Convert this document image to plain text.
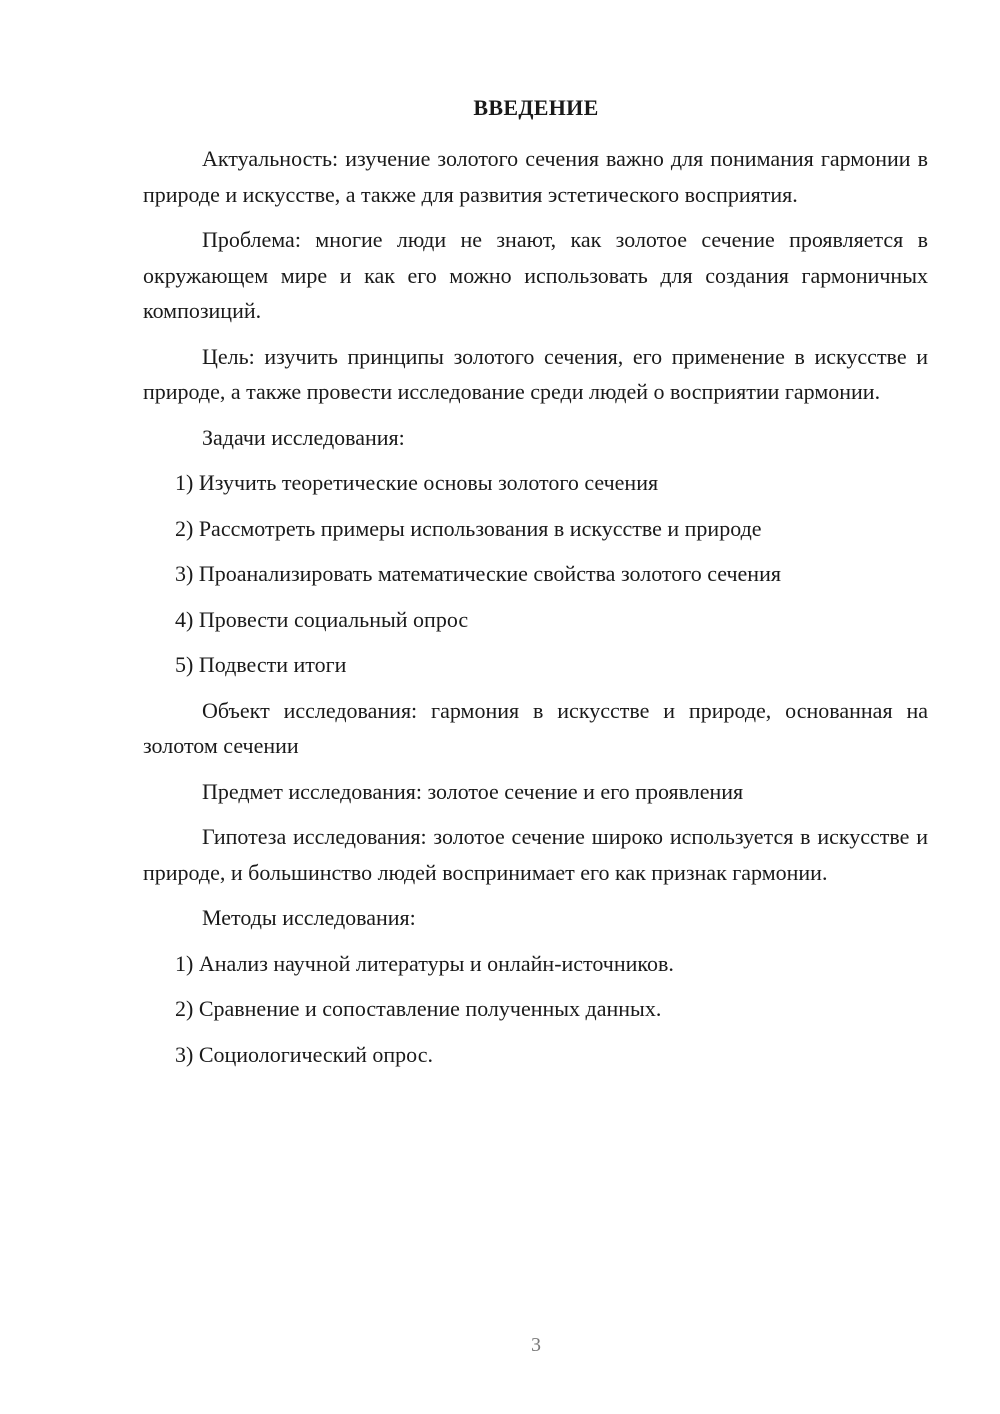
ВВЕДЕНИЕ

Актуальность: изучение золотого сечения важно для понимания гармонии в природе и искусстве, а также для развития эстетического восприятия.

Проблема: многие люди не знают, как золотое сечение проявляется в окружающем мире и как его можно использовать для создания гармоничных композиций.

Цель: изучить принципы золотого сечения, его применение в искусстве и природе, а также провести исследование среди людей о восприятии гармонии.

Задачи исследования:

1) Изучить теоретические основы золотого сечения

2) Рассмотреть примеры использования в искусстве и природе

3) Проанализировать математические свойства золотого сечения

4) Провести социальный опрос

5) Подвести итоги

Объект исследования: гармония в искусстве и природе, основанная на золотом сечении

Предмет исследования: золотое сечение и его проявления

Гипотеза исследования: золотое сечение широко используется в искусстве и природе, и большинство людей воспринимает его как признак гармонии.

Методы исследования:

1) Анализ научной литературы и онлайн-источников.

2) Сравнение и сопоставление полученных данных.

3) Социологический опрос.

3
